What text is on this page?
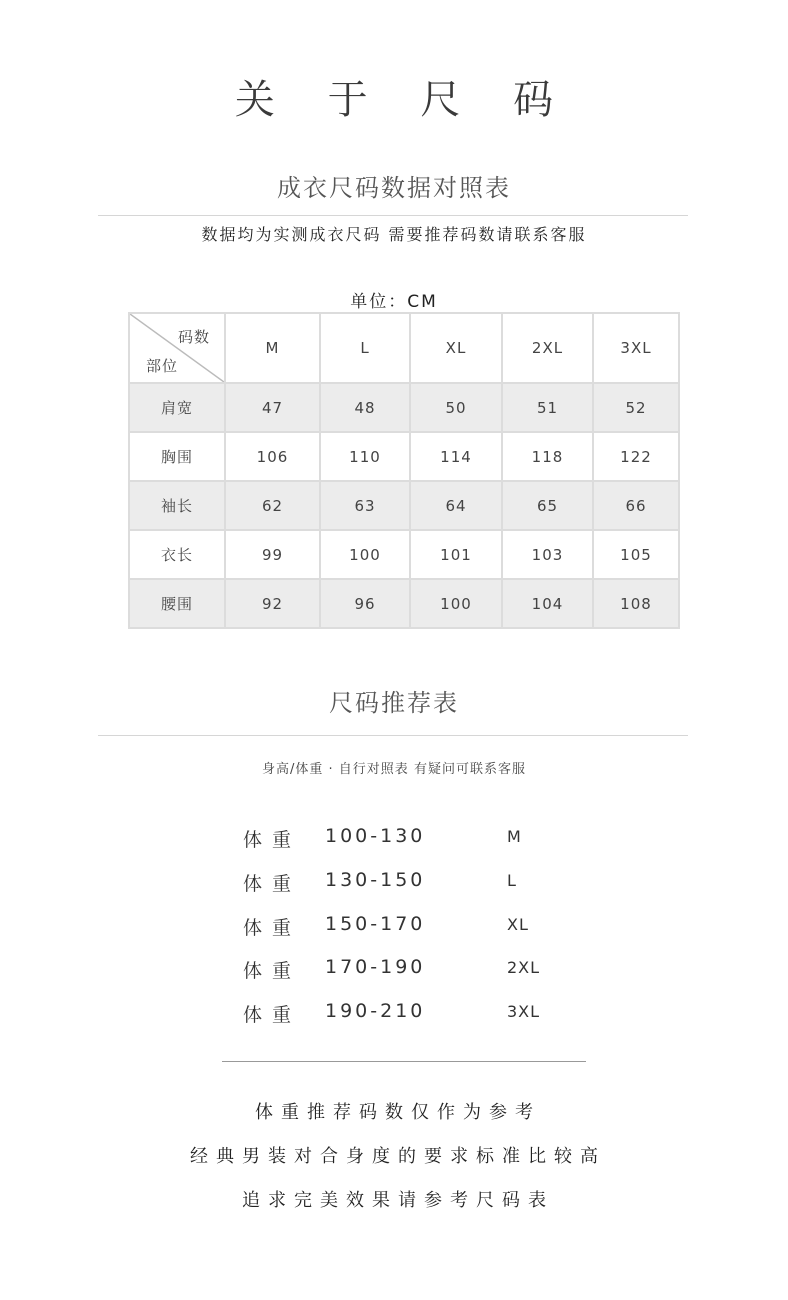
关 于 尺 码
成衣尺码数据对照表
数据均为实测成衣尺码 需要推荐码数请联系客服
单位：CM
码数
部位	M	L	XL	2XL	3XL
肩宽	47	48	50	51	52
胸围	106	110	114	118	122
袖长	62	63	64	65	66
衣长	99	100	101	103	105
腰围	92	96	100	104	108
尺码推荐表
身高/体重 · 自行对照表 有疑问可联系客服
体重 100-130	M
体重 130-150	L
体重 150-170	XL
体重 170-190	2XL
体重 190-210	3XL
体重推荐码数仅作为参考
经典男装对合身度的要求标准比较高
追求完美效果请参考尺码表
